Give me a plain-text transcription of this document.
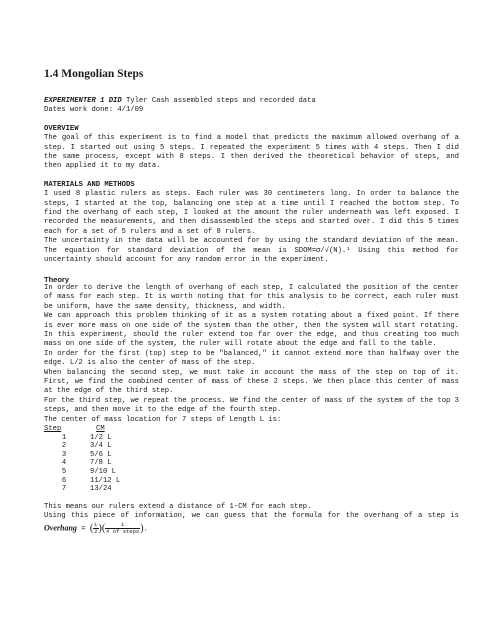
1.4 Mongolian Steps

EXPERIMENTER 1 DID Tyler Cash assembled steps and recorded data

Dates work done: 4/1/09

OVERVIEW

The goal of this experiment is to find a model that predicts the maximum allowed overhang of a step. I started out using 5 steps. I repeated the experiment 5 times with 4 steps. Then I did the same process, except with 8 steps. I then derived the theoretical behavior of steps, and then applied it to my data.

MATERIALS AND METHODS

I used 8 plastic rulers as steps. Each ruler was 30 centimeters long. In order to balance the steps, I started at the top, balancing one step at a time until I reached the bottom step. To find the overhang of each step, I looked at the amount the ruler underneath was left exposed. I recorded the measurements, and then disassembled the steps and started over. I did this 5 times each for a set of 5 rulers and a set of 8 rulers.

The uncertainty in the data will be accounted for by using the standard deviation of the mean. The equation for standard deviation of the mean is SDOM=σ/√(N).¹ Using this method for uncertainty should account for any random error in the experiment.

Theory

In order to derive the length of overhang of each step, I calculated the position of the center of mass for each step. It is worth noting that for this analysis to be correct, each ruler must be uniform, have the same density, thickness, and width.

We can approach this problem thinking of it as a system rotating about a fixed point. If there is ever more mass on one side of the system than the other, then the system will start rotating. In this experiment, should the ruler extend too far over the edge, and thus creating too much mass on one side of the system, the ruler will rotate about the edge and fall to the table.

In order for the first (top) step to be "balanced," it cannot extend more than halfway over the edge. L/2 is also the center of mass of the step.

When balancing the second step, we must take in account the mass of the step on top of it. First, we find the combined center of mass of these 2 steps. We then place this center of mass at the edge of the third step.

For the third step, we repeat the process. We find the center of mass of the system of the top 3 steps, and then move it to the edge of the fourth step.

The center of mass location for 7 steps of Length L is:

Step	CM
1	1/2 L
2	3/4 L
3	5/6 L
4	7/8 L
5	9/10 L
6	11/12 L
7	13/24

This means our rulers extend a distance of 1-CM for each step.

Using this piece of information, we can guess that the formula for the overhang of a step is Overhang = ( $\frac{L}{2}$ )( $\frac{1}{\text{\# of steps}}$ ).
